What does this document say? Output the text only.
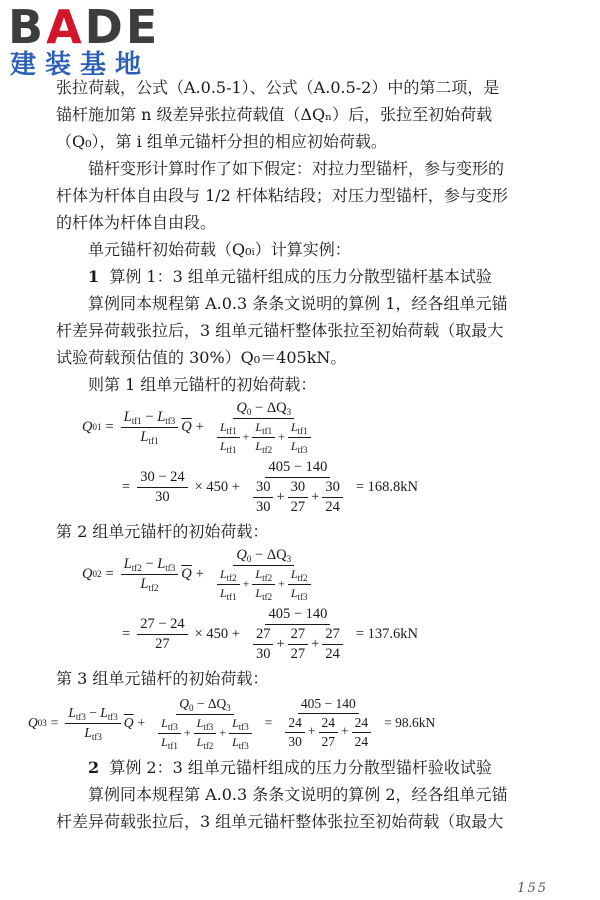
BADE
建装基地

张拉荷载，公式（A.0.5-1）、公式（A.0.5-2）中的第二项，是

锚杆施加第 n 级差异张拉荷载值（ΔQₙ）后，张拉至初始荷载

（Q₀），第 i 组单元锚杆分担的相应初始荷载。

锚杆变形计算时作了如下假定：对拉力型锚杆，参与变形的

杆体为杆体自由段与 1/2 杆体粘结段；对压力型锚杆，参与变形

的杆体为杆体自由段。

单元锚杆初始荷载（Q₀ᵢ）计算实例：

1 算例 1：3 组单元锚杆组成的压力分散型锚杆基本试验

算例同本规程第 A.0.3 条条文说明的算例 1，经各组单元锚

杆差异荷载张拉后，3 组单元锚杆整体张拉至初始荷载（取最大

试验荷载预估值的 30%）Q₀＝405kN。

则第 1 组单元锚杆的初始荷载：

Q $01 = \frac{L_{tf1} - L_{tf3}}{L_{tf1}} \overline{Q} + \frac{Q_0 - \Delta Q_3}{\frac{L_{tf1}}{L_{tf1}} + \frac{L_{tf1}}{L_{tf2}} + \frac{L_{tf1}}{L_{tf3}}}$
= $\frac{30 - 24}{30} \times 450 + \frac{405 - 140}{\frac{30}{30} + \frac{30}{27} + \frac{30}{24}} = 168.8kN$

第 2 组单元锚杆的初始荷载：

Q $02 = \frac{L_{tf2} - L_{tf3}}{L_{tf2}} \overline{Q} + \frac{Q_0 - \Delta Q_3}{\frac{L_{tf2}}{L_{tf1}} + \frac{L_{tf2}}{L_{tf2}} + \frac{L_{tf2}}{L_{tf3}}}$
= $\frac{27 - 24}{27} \times 450 + \frac{405 - 140}{\frac{27}{30} + \frac{27}{27} + \frac{27}{24}} = 137.6kN$

第 3 组单元锚杆的初始荷载：

Q $03 = \frac{L_{tf3} - L_{tf3}}{L_{tf3}} \overline{Q} + \frac{Q_0 - \Delta Q_3}{\frac{L_{tf3}}{L_{tf1}} + \frac{L_{tf3}}{L_{tf2}} + \frac{L_{tf3}}{L_{tf3}}} = \frac{405 - 140}{\frac{24}{30} + \frac{24}{27} + \frac{24}{24}} = 98.6kN$

2 算例 2：3 组单元锚杆组成的压力分散型锚杆验收试验

算例同本规程第 A.0.3 条条文说明的算例 2，经各组单元锚

杆差异荷载张拉后，3 组单元锚杆整体张拉至初始荷载（取最大

155
